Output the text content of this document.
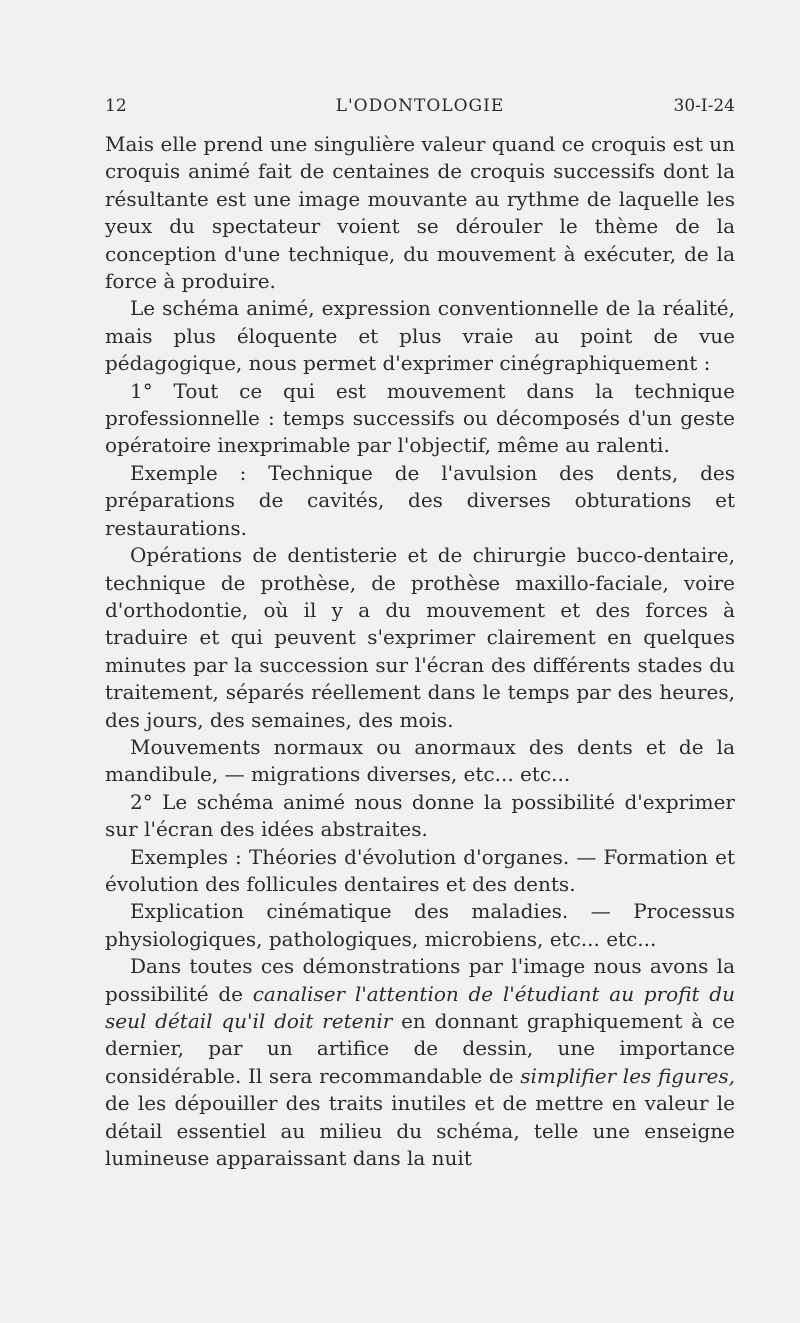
12	L'ODONTOLOGIE	30-I-24

Mais elle prend une singulière valeur quand ce croquis est un croquis animé fait de centaines de croquis successifs dont la résultante est une image mouvante au rythme de laquelle les yeux du spectateur voient se dérouler le thème de la conception d'une technique, du mouvement à exécuter, de la force à produire.

Le schéma animé, expression conventionnelle de la réalité, mais plus éloquente et plus vraie au point de vue pédagogique, nous permet d'exprimer cinégraphiquement :

1° Tout ce qui est mouvement dans la technique professionnelle : temps successifs ou décomposés d'un geste opératoire inexprimable par l'objectif, même au ralenti.

Exemple : Technique de l'avulsion des dents, des préparations de cavités, des diverses obturations et restaurations.

Opérations de dentisterie et de chirurgie bucco-dentaire, technique de prothèse, de prothèse maxillo-faciale, voire d'orthodontie, où il y a du mouvement et des forces à traduire et qui peuvent s'exprimer clairement en quelques minutes par la succession sur l'écran des différents stades du traitement, séparés réellement dans le temps par des heures, des jours, des semaines, des mois.

Mouvements normaux ou anormaux des dents et de la mandibule, — migrations diverses, etc... etc...

2° Le schéma animé nous donne la possibilité d'exprimer sur l'écran des idées abstraites.

Exemples : Théories d'évolution d'organes. — Formation et évolution des follicules dentaires et des dents.

Explication cinématique des maladies. — Processus physiologiques, pathologiques, microbiens, etc... etc...

Dans toutes ces démonstrations par l'image nous avons la possibilité de canaliser l'attention de l'étudiant au profit du seul détail qu'il doit retenir en donnant graphiquement à ce dernier, par un artifice de dessin, une importance considérable. Il sera recommandable de simplifier les figures, de les dépouiller des traits inutiles et de mettre en valeur le détail essentiel au milieu du schéma, telle une enseigne lumineuse apparaissant dans la nuit
